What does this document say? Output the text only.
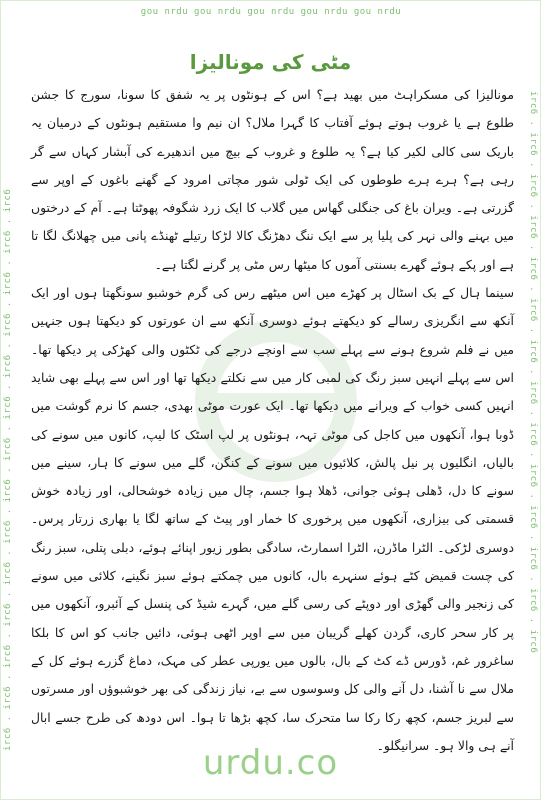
gou nrdu gou nrdu gou nrdu gou nrdu gou nrdu
irc6 . irc6 . irc6 . irc6 . irc6 . irc6 . irc6 . irc6 . irc6 . irc6 . irc6 . irc6 . irc6 . irc6	irc6 . irc6 . irc6 . irc6 . irc6 . irc6 . irc6 . irc6 . irc6 . irc6 . irc6 . irc6 . irc6 . irc6
مٹی کی مونالیزا

مونالیزا کی مسکراہٹ میں بھید ہے؟ اس کے ہونٹوں پر یہ شفق کا سونا، سورج کا جشن طلوع ہے یا غروب ہوتے ہوئے آفتاب کا گہرا ملال؟ ان نیم وا مستقیم ہونٹوں کے درمیان یہ باریک سی کالی لکیر کیا ہے؟ یہ طلوع و غروب کے بیچ میں اندھیرے کی آبشار کہاں سے گر رہی ہے؟ ہرے ہرے طوطوں کی ایک ٹولی شور مچاتی امرود کے گھنے باغوں کے اوپر سے گزرتی ہے۔ ویران باغ کی جنگلی گھاس میں گلاب کا ایک زرد شگوفہ پھوٹتا ہے۔ آم کے درختوں میں بہنے والی نہر کی پلیا پر سے ایک ننگ دھڑنگ کالا لڑکا رتیلے ٹھنڈے پانی میں چھلانگ لگا تا ہے اور پکے ہوئے گھرے بسنتی آموں کا میٹھا رس مٹی پر گرنے لگتا ہے۔

سینما ہال کے بک اسٹال پر کھڑے میں اس میٹھے رس کی گرم خوشبو سونگھتا ہوں اور ایک آنکھ سے انگریزی رسالے کو دیکھتے ہوئے دوسری آنکھ سے ان عورتوں کو دیکھتا ہوں جنہیں میں نے فلم شروع ہونے سے پہلے سب سے اونچے درجے کی ٹکٹوں والی کھڑکی پر دیکھا تھا۔ اس سے پہلے انہیں سبز رنگ کی لمبی کار میں سے نکلتے دیکھا تھا اور اس سے پہلے بھی شاید انہیں کسی خواب کے ویرانے میں دیکھا تھا۔ ایک عورت موٹی بھدی، جسم کا نرم گوشت میں ڈوبا ہوا، آنکھوں میں کاجل کی موٹی تہہ، ہونٹوں پر لپ اسٹک کا لیپ، کانوں میں سونے کی بالیاں، انگلیوں پر نیل پالش، کلائیوں میں سونے کے کنگن، گلے میں سونے کا ہار، سینے میں سونے کا دل، ڈھلی ہوئی جوانی، ڈھلا ہوا جسم، چال میں زیادہ خوشحالی، اور زیادہ خوش قسمتی کی بیزاری، آنکھوں میں پرخوری کا خمار اور پیٹ کے ساتھ لگا یا بھاری زرتار پرس۔ دوسری لڑکی۔ الٹرا ماڈرن، الٹرا اسمارٹ، سادگی بطور زیور اپنائے ہوئے، دبلی پتلی، سبز رنگ کی چست قمیض کٹے ہوئے سنہرے بال، کانوں میں چمکتے ہوئے سبز نگینے، کلائی میں سونے کی زنجیر والی گھڑی اور دوپٹے کی رسی گلے میں، گہرے شیڈ کی پنسل کے آئبرو، آنکھوں میں پر کار سحر کاری، گردن کھلے گریبان میں سے اوپر اٹھی ہوئی، دائیں جانب کو اس کا بلکا ساغرور غم، ڈورس ڈے کٹ کے بال، بالوں میں یورپی عطر کی مہک، دماغ گزرے ہوئے کل کے ملال سے نا آشنا، دل آنے والی کل وسوسوں سے بے، نیاز زندگی کی بھر خوشبوؤں اور مسرتوں سے لبریز جسم، کچھ رکا رکا سا متحرک سا، کچھ بڑھا تا ہوا۔ اس دودھ کی طرح جسے ابال آنے ہی والا ہو۔ سرانیگلو۔

urdu.co
